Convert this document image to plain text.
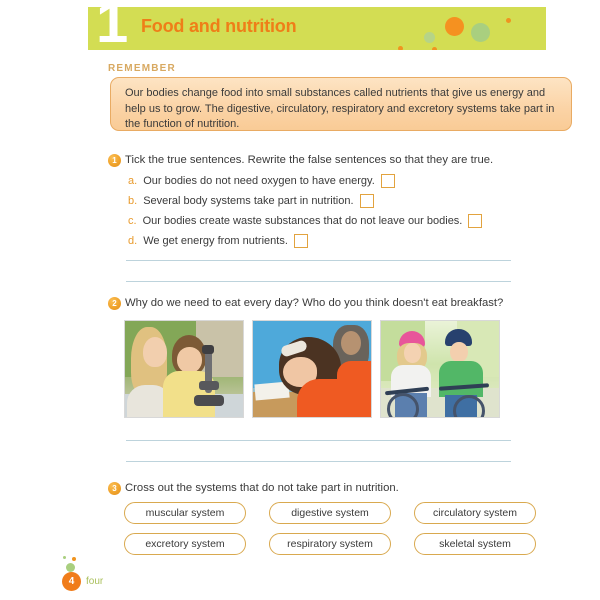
1 Food and nutrition
REMEMBER

Our bodies change food into small substances called nutrients that give us energy and help us to grow. The digestive, circulatory, respiratory and excretory systems take part in the function of nutrition.

1 Tick the true sentences. Rewrite the false sentences so that they are true.
a. Our bodies do not need oxygen to have energy.
b. Several body systems take part in nutrition.
c. Our bodies create waste substances that do not leave our bodies.
d. We get energy from nutrients.
2 Why do we need to eat every day? Who do you think doesn't eat breakfast?
3 Cross out the systems that do not take part in nutrition.
muscular system	digestive system	circulatory system
excretory system	respiratory system	skeletal system
4	four
